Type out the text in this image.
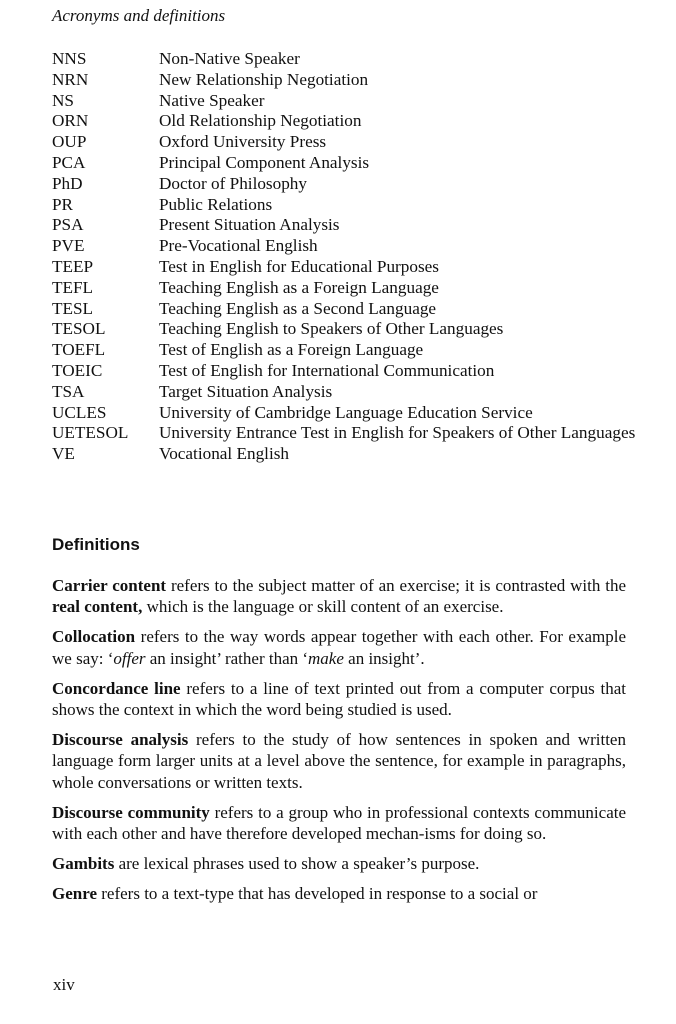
Acronyms and definitions
NNS	Non-Native Speaker
NRN	New Relationship Negotiation
NS	Native Speaker
ORN	Old Relationship Negotiation
OUP	Oxford University Press
PCA	Principal Component Analysis
PhD	Doctor of Philosophy
PR	Public Relations
PSA	Present Situation Analysis
PVE	Pre-Vocational English
TEEP	Test in English for Educational Purposes
TEFL	Teaching English as a Foreign Language
TESL	Teaching English as a Second Language
TESOL	Teaching English to Speakers of Other Languages
TOEFL	Test of English as a Foreign Language
TOEIC	Test of English for International Communication
TSA	Target Situation Analysis
UCLES	University of Cambridge Language Education Service
UETESOL	University Entrance Test in English for Speakers of Other Languages
VE	Vocational English
Definitions

Carrier content refers to the subject matter of an exercise; it is contrasted with the real content, which is the language or skill content of an exercise.

Collocation refers to the way words appear together with each other. For example we say: ‘offer an insight’ rather than ‘make an insight’.

Concordance line refers to a line of text printed out from a computer corpus that shows the context in which the word being studied is used.

Discourse analysis refers to the study of how sentences in spoken and written language form larger units at a level above the sentence, for example in paragraphs, whole conversations or written texts.

Discourse community refers to a group who in professional contexts communicate with each other and have therefore developed mechan-isms for doing so.

Gambits are lexical phrases used to show a speaker’s purpose.

Genre refers to a text-type that has developed in response to a social or

xiv
